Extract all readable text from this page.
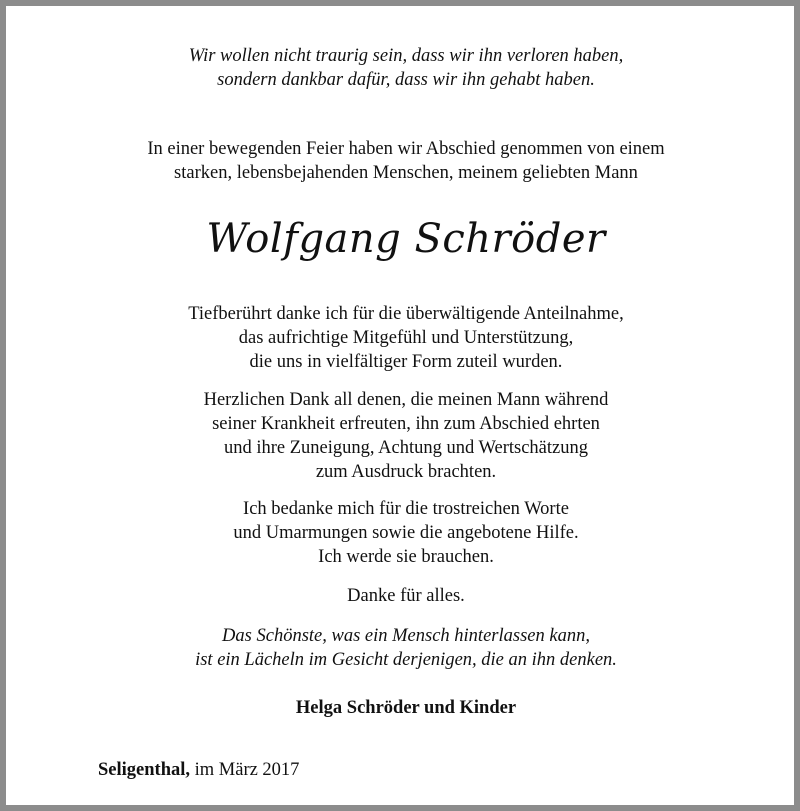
Wir wollen nicht traurig sein, dass wir ihn verloren haben,
sondern dankbar dafür, dass wir ihn gehabt haben.
In einer bewegenden Feier haben wir Abschied genommen von einem
starken, lebensbejahenden Menschen, meinem geliebten Mann
Wolfgang Schröder
Tiefberührt danke ich für die überwältigende Anteilnahme,
das aufrichtige Mitgefühl und Unterstützung,
die uns in vielfältiger Form zuteil wurden.
Herzlichen Dank all denen, die meinen Mann während
seiner Krankheit erfreuten, ihn zum Abschied ehrten
und ihre Zuneigung, Achtung und Wertschätzung
zum Ausdruck brachten.
Ich bedanke mich für die trostreichen Worte
und Umarmungen sowie die angebotene Hilfe.
Ich werde sie brauchen.
Danke für alles.
Das Schönste, was ein Mensch hinterlassen kann,
ist ein Lächeln im Gesicht derjenigen, die an ihn denken.
Helga Schröder und Kinder
Seligenthal, im März 2017
